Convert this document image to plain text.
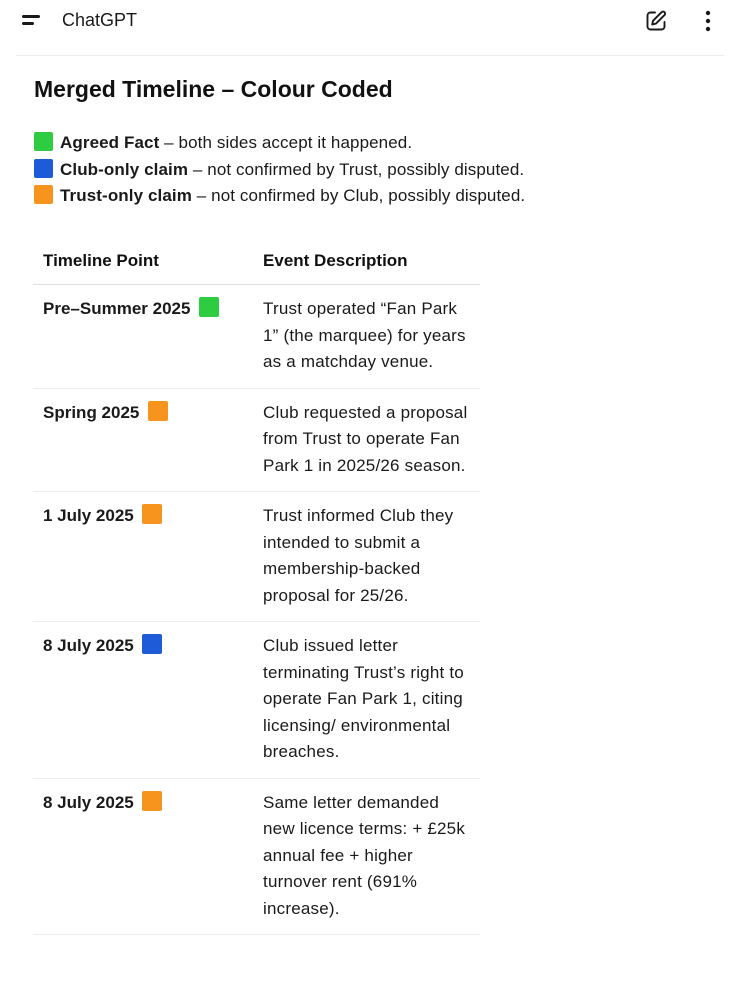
ChatGPT
Merged Timeline – Colour Coded
Agreed Fact – both sides accept it happened.
Club-only claim – not confirmed by Trust, possibly disputed.
Trust-only claim – not confirmed by Club, possibly disputed.
Timeline Point	Event Description
Pre–Summer 2025	Trust operated “Fan Park 1” (the marquee) for years as a matchday venue.
Spring 2025	Club requested a proposal from Trust to operate Fan Park 1 in 2025/26 season.
1 July 2025	Trust informed Club they intended to submit a membership-backed proposal for 25/26.
8 July 2025	Club issued letter terminating Trust’s right to operate Fan Park 1, citing licensing/ environmental breaches.
8 July 2025	Same letter demanded new licence terms: + £25k annual fee + higher turnover rent (691% increase).
